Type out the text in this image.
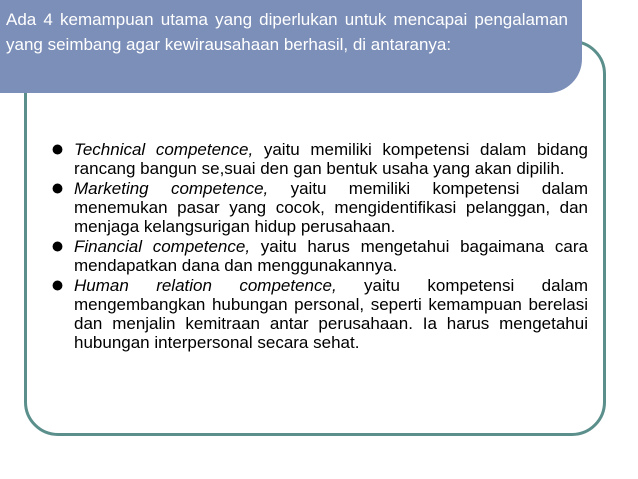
Ada 4 kemampuan utama yang diperlukan untuk mencapai pengalaman yang seimbang agar kewirausahaan berhasil, di antaranya:

Technical competence, yaitu memiliki kompetensi dalam bidang rancang bangun se,suai den gan bentuk usaha yang akan dipilih.
Marketing competence, yaitu memiliki kompetensi dalam menemukan pasar yang cocok, mengidentifikasi pelanggan, dan menjaga kelangsurigan hidup perusahaan.
Financial competence, yaitu harus mengetahui bagaimana cara mendapatkan dana dan menggunakannya.
Human relation competence, yaitu kompetensi dalam mengembangkan hubungan personal, seperti kemampuan berelasi dan menjalin kemitraan antar perusahaan. Ia harus mengetahui hubungan interpersonal secara sehat.
